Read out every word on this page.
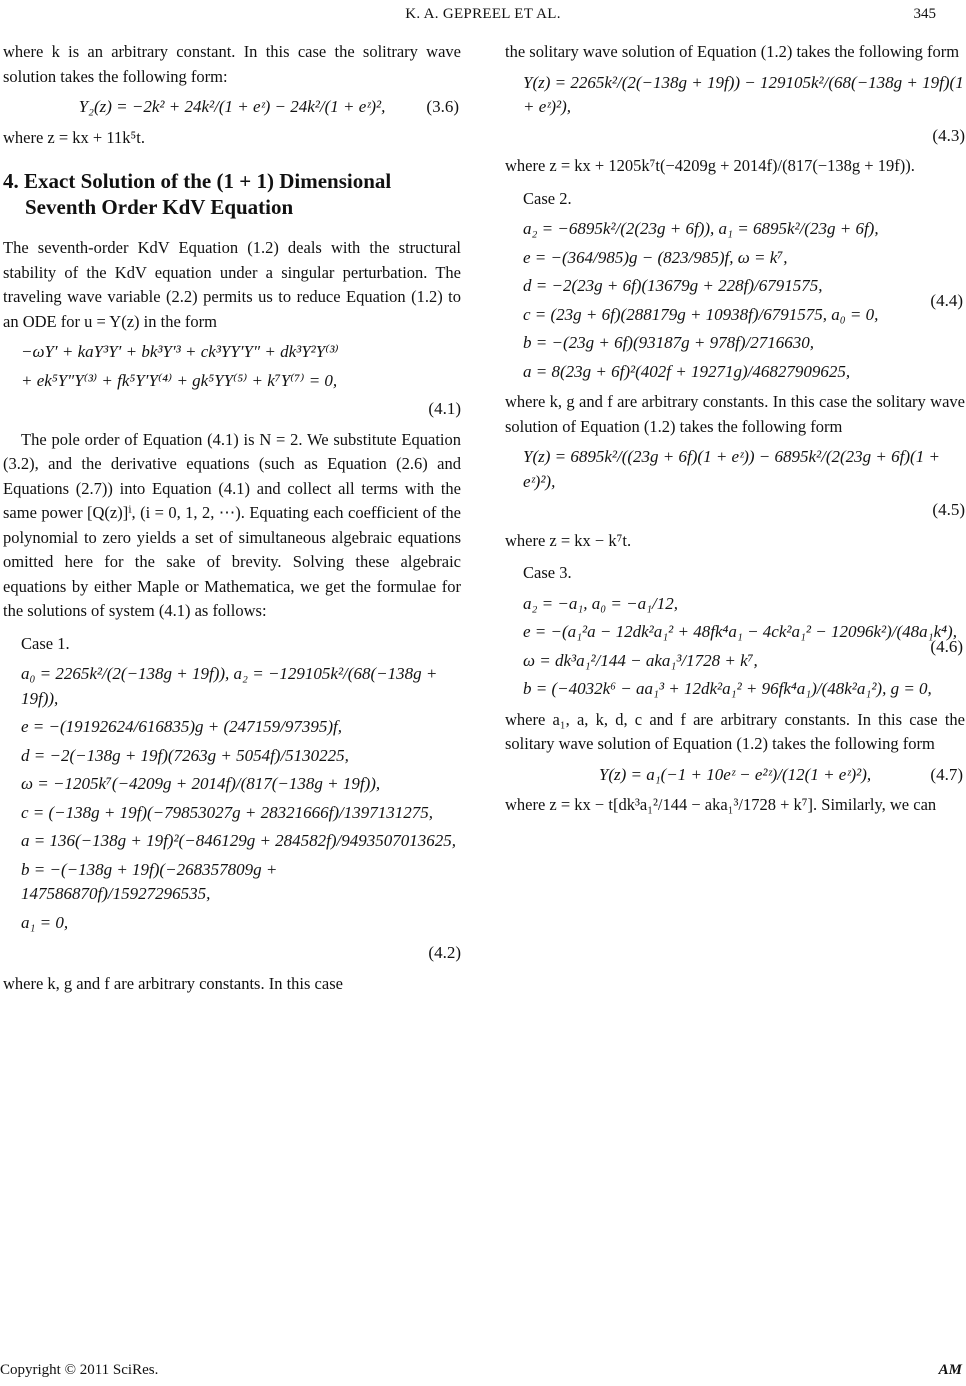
K. A. GEPREEL ET AL.	345

where k is an arbitrary constant. In this case the solitrary wave solution takes the following form:

Y₂(z) = −2k² + 24k²/(1 + eᶻ) − 24k²/(1 + eᶻ)², (3.6)

where z = kx + 11k⁵t.

4. Exact Solution of the (1 + 1) Dimensional
Seventh Order KdV Equation

The seventh-order KdV Equation (1.2) deals with the structural stability of the KdV equation under a singular perturbation. The traveling wave variable (2.2) permits us to reduce Equation (1.2) to an ODE for u = Y(z) in the form

−ωY′ + kaY³Y′ + bk³Y′³ + ck³YY′Y″ + dk³Y²Y⁽³⁾
+ ek⁵Y″Y⁽³⁾ + fk⁵Y′Y⁽⁴⁾ + gk⁵YY⁽⁵⁾ + k⁷Y⁽⁷⁾ = 0,
(4.1)

The pole order of Equation (4.1) is N = 2. We substitute Equation (3.2), and the derivative equations (such as Equation (2.6) and Equations (2.7)) into Equation (4.1) and collect all terms with the same power [Q(z)]ⁱ, (i = 0, 1, 2, ⋯). Equating each coefficient of the polynomial to zero yields a set of simultaneous algebraic equations omitted here for the sake of brevity. Solving these algebraic equations by either Maple or Mathematica, we get the formulae for the solutions of system (4.1) as follows:

Case 1.

a₀ = 2265k²/(2(−138g + 19f)), a₂ = −129105k²/(68(−138g + 19f)),
e = −(19192624/616835)g + (247159/97395)f,
d = −2(−138g + 19f)(7263g + 5054f)/5130225,
ω = −1205k⁷(−4209g + 2014f)/(817(−138g + 19f)),
c = (−138g + 19f)(−79853027g + 28321666f)/1397131275,
a = 136(−138g + 19f)²(−846129g + 284582f)/9493507013625,
b = −(−138g + 19f)(−268357809g + 147586870f)/15927296535,
a₁ = 0,
(4.2)

where k, g and f are arbitrary constants. In this case

the solitary wave solution of Equation (1.2) takes the following form

Y(z) = 2265k²/(2(−138g + 19f)) − 129105k²/(68(−138g + 19f)(1 + eᶻ)²),
(4.3)

where z = kx + 1205k⁷t(−4209g + 2014f)/(817(−138g + 19f)).

Case 2.

a₂ = −6895k²/(2(23g + 6f)), a₁ = 6895k²/(23g + 6f),
e = −(364/985)g − (823/985)f, ω = k⁷,
d = −2(23g + 6f)(13679g + 228f)/6791575,
c = (23g + 6f)(288179g + 10938f)/6791575, a₀ = 0,
b = −(23g + 6f)(93187g + 978f)/2716630,
a = 8(23g + 6f)²(402f + 19271g)/46827909625,
(4.4)

where k, g and f are arbitrary constants. In this case the solitary wave solution of Equation (1.2) takes the following form

Y(z) = 6895k²/((23g + 6f)(1 + eᶻ)) − 6895k²/(2(23g + 6f)(1 + eᶻ)²),
(4.5)

where z = kx − k⁷t.

Case 3.

a₂ = −a₁, a₀ = −a₁/12,
e = −(a₁²a − 12dk²a₁² + 48fk⁴a₁ − 4ck²a₁² − 12096k²)/(48a₁k⁴),
ω = dk³a₁²/144 − aka₁³/1728 + k⁷,
b = (−4032k⁶ − aa₁³ + 12dk²a₁² + 96fk⁴a₁)/(48k²a₁²), g = 0,
(4.6)

where a₁, a, k, d, c and f are arbitrary constants. In this case the solitary wave solution of Equation (1.2) takes the following form

Y(z) = a₁(−1 + 10eᶻ − e²ᶻ)/(12(1 + eᶻ)²),	(4.7)

where z = kx − t[dk³a₁²/144 − aka₁³/1728 + k⁷]. Similarly, we can

Copyright © 2011 SciRes.	AM
